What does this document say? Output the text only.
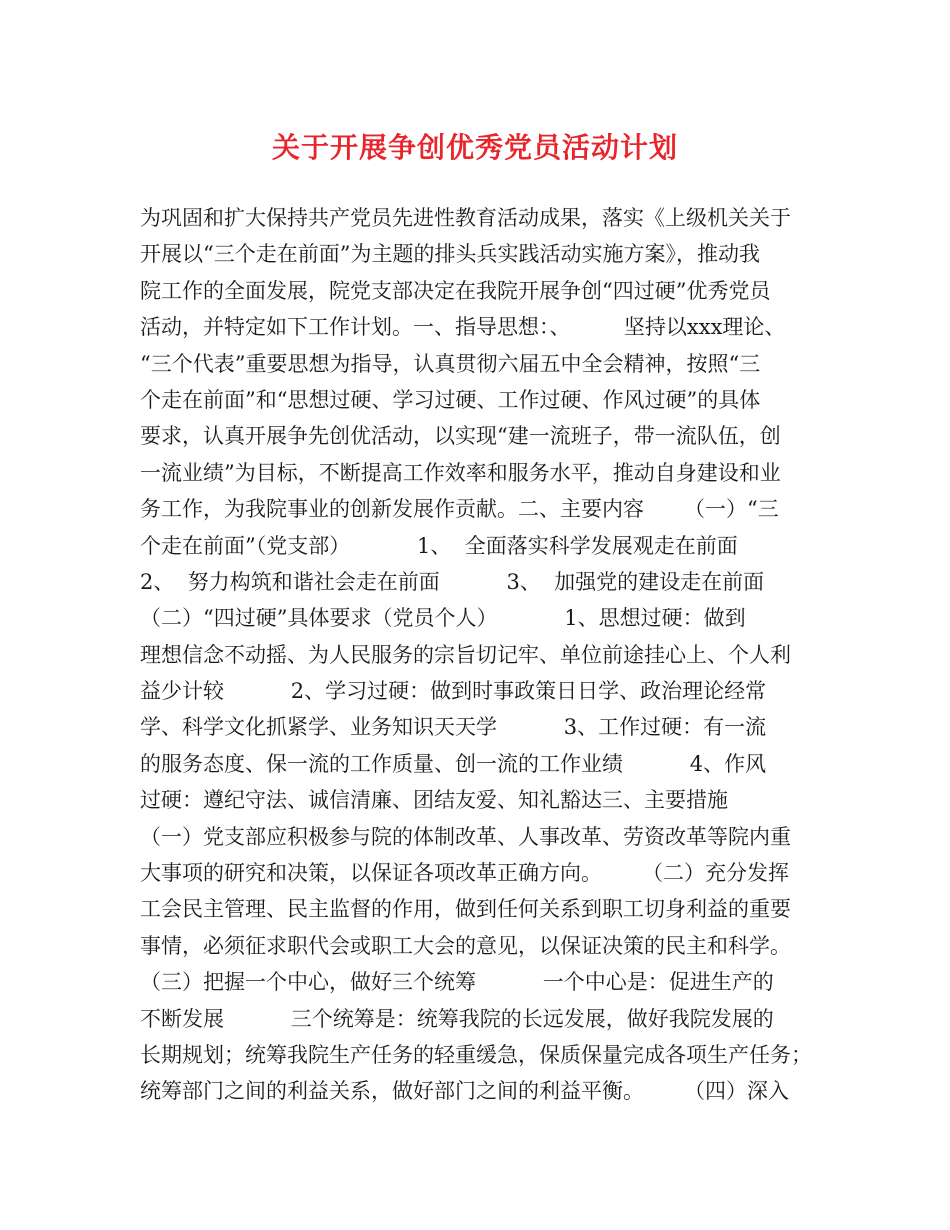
关于开展争创优秀党员活动计划
为巩固和扩大保持共产党员先进性教育活动成果，落实《上级机关关于
开展以“三个走在前面”为主题的排头兵实践活动实施方案》，推动我
院工作的全面发展，院党支部决定在我院开展争创“四过硬”优秀党员
活动，并特定如下工作计划。一、指导思想：、        坚持以xxx理论、
“三个代表”重要思想为指导，认真贯彻六届五中全会精神，按照“三
个走在前面”和“思想过硬、学习过硬、工作过硬、作风过硬”的具体
要求，认真开展争先创优活动，以实现“建一流班子，带一流队伍，创
一流业绩”为目标，不断提高工作效率和服务水平，推动自身建设和业
务工作，为我院事业的创新发展作贡献。二、主要内容      （一）“三
个走在前面”（党支部）          1、  全面落实科学发展观走在前面
2、  努力构筑和谐社会走在前面          3、  加强党的建设走在前面
（二）“四过硬”具体要求（党员个人）          1、思想过硬：做到
理想信念不动摇、为人民服务的宗旨切记牢、单位前途挂心上、个人利
益少计较          2、学习过硬：做到时事政策日日学、政治理论经常
学、科学文化抓紧学、业务知识天天学          3、工作过硬：有一流
的服务态度、保一流的工作质量、创一流的工作业绩          4、作风
过硬：遵纪守法、诚信清廉、团结友爱、知礼豁达三、主要措施
（一）党支部应积极参与院的体制改革、人事改革、劳资改革等院内重
大事项的研究和决策，以保证各项改革正确方向。      （二）充分发挥
工会民主管理、民主监督的作用，做到任何关系到职工切身利益的重要
事情，必须征求职代会或职工大会的意见，以保证决策的民主和科学。
（三）把握一个中心，做好三个统筹          一个中心是：促进生产的
不断发展          三个统筹是：统筹我院的长远发展，做好我院发展的
长期规划；统筹我院生产任务的轻重缓急，保质保量完成各项生产任务；
统筹部门之间的利益关系，做好部门之间的利益平衡。      （四）深入
